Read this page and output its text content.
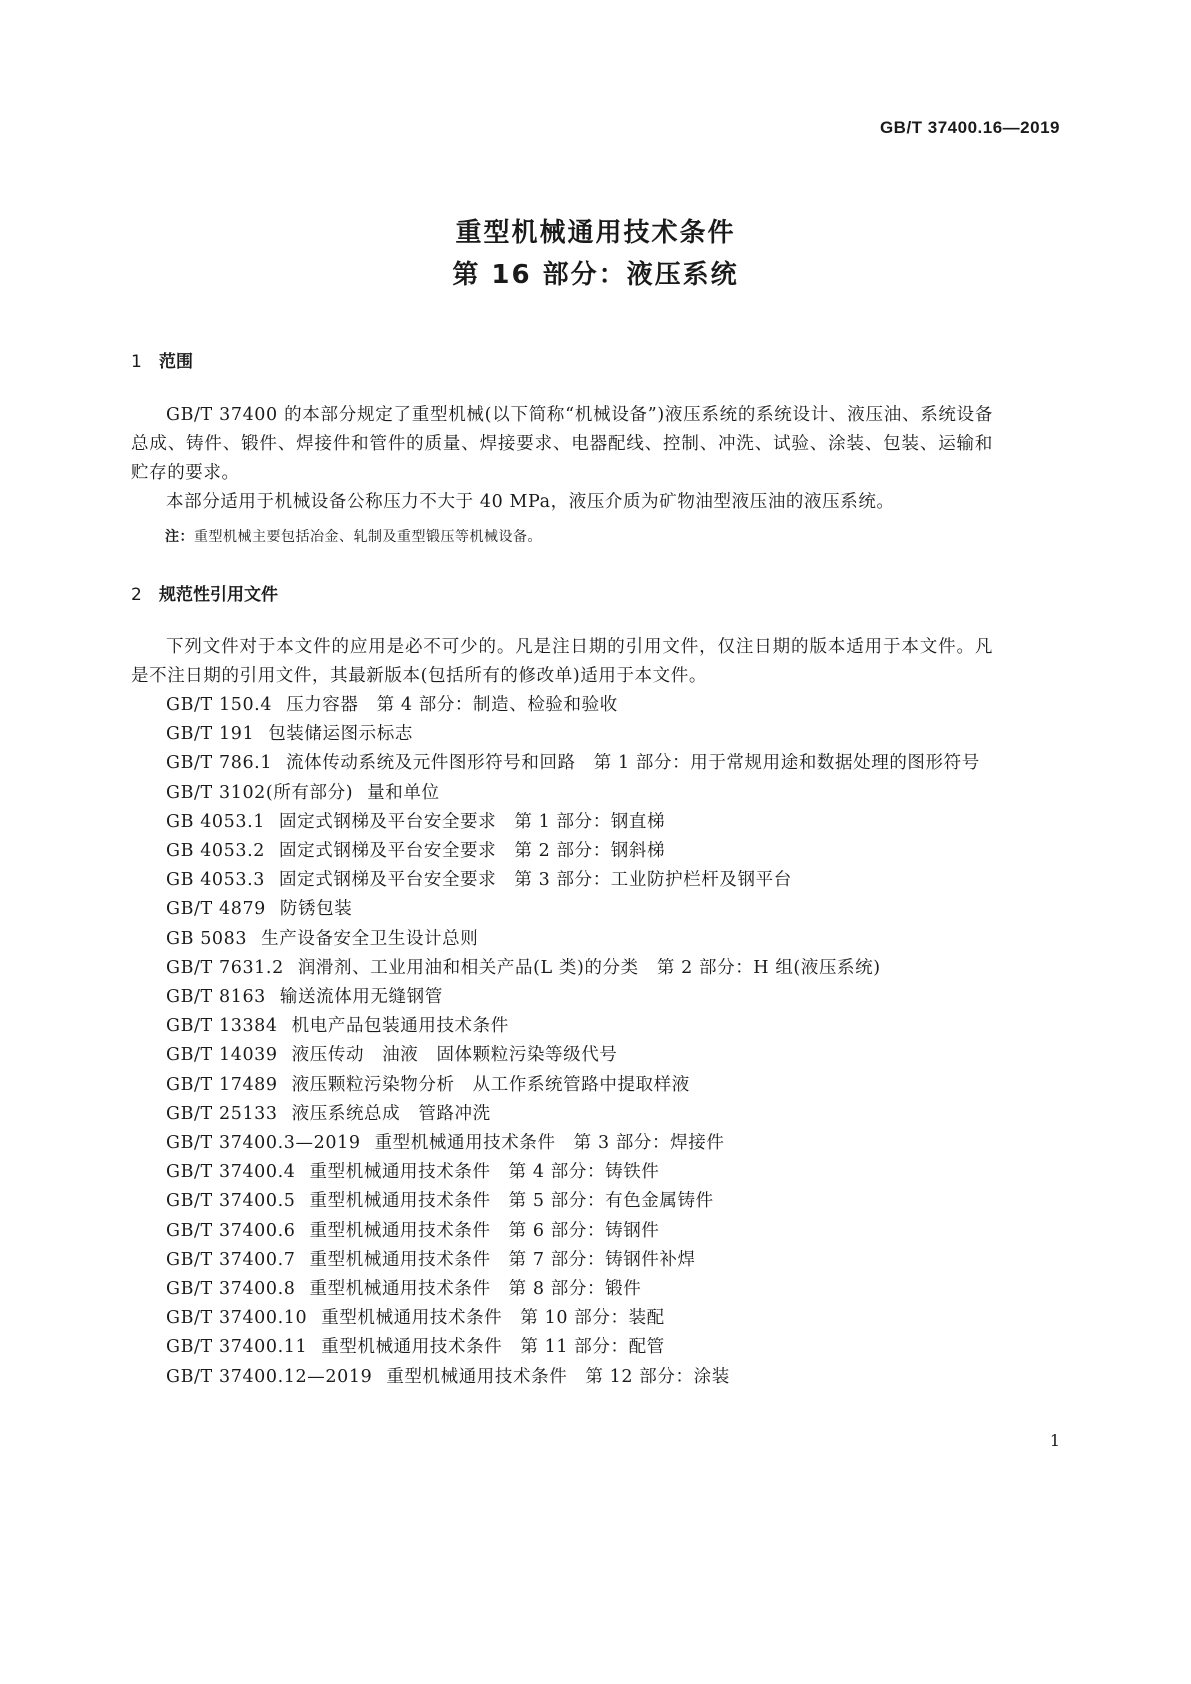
GB/T 37400.16—2019
重型机械通用技术条件
第 16 部分：液压系统
1 范围

GB/T 37400 的本部分规定了重型机械(以下简称“机械设备”)液压系统的系统设计、液压油、系统设备总成、铸件、锻件、焊接件和管件的质量、焊接要求、电器配线、控制、冲洗、试验、涂装、包装、运输和贮存的要求。

本部分适用于机械设备公称压力不大于 40 MPa，液压介质为矿物油型液压油的液压系统。

注：重型机械主要包括冶金、轧制及重型锻压等机械设备。
2 规范性引用文件

下列文件对于本文件的应用是必不可少的。凡是注日期的引用文件，仅注日期的版本适用于本文件。凡是不注日期的引用文件，其最新版本(包括所有的修改单)适用于本文件。

GB/T 150.4 压力容器　第 4 部分：制造、检验和验收
GB/T 191 包装储运图示标志
GB/T 786.1 流体传动系统及元件图形符号和回路　第 1 部分：用于常规用途和数据处理的图形符号
GB/T 3102(所有部分) 量和单位
GB 4053.1 固定式钢梯及平台安全要求　第 1 部分：钢直梯
GB 4053.2 固定式钢梯及平台安全要求　第 2 部分：钢斜梯
GB 4053.3 固定式钢梯及平台安全要求　第 3 部分：工业防护栏杆及钢平台
GB/T 4879 防锈包装
GB 5083 生产设备安全卫生设计总则
GB/T 7631.2 润滑剂、工业用油和相关产品(L 类)的分类　第 2 部分：H 组(液压系统)
GB/T 8163 输送流体用无缝钢管
GB/T 13384 机电产品包装通用技术条件
GB/T 14039 液压传动　油液　固体颗粒污染等级代号
GB/T 17489 液压颗粒污染物分析　从工作系统管路中提取样液
GB/T 25133 液压系统总成　管路冲洗
GB/T 37400.3—2019 重型机械通用技术条件　第 3 部分：焊接件
GB/T 37400.4 重型机械通用技术条件　第 4 部分：铸铁件
GB/T 37400.5 重型机械通用技术条件　第 5 部分：有色金属铸件
GB/T 37400.6 重型机械通用技术条件　第 6 部分：铸钢件
GB/T 37400.7 重型机械通用技术条件　第 7 部分：铸钢件补焊
GB/T 37400.8 重型机械通用技术条件　第 8 部分：锻件
GB/T 37400.10 重型机械通用技术条件　第 10 部分：装配
GB/T 37400.11 重型机械通用技术条件　第 11 部分：配管
GB/T 37400.12—2019 重型机械通用技术条件　第 12 部分：涂装
1
